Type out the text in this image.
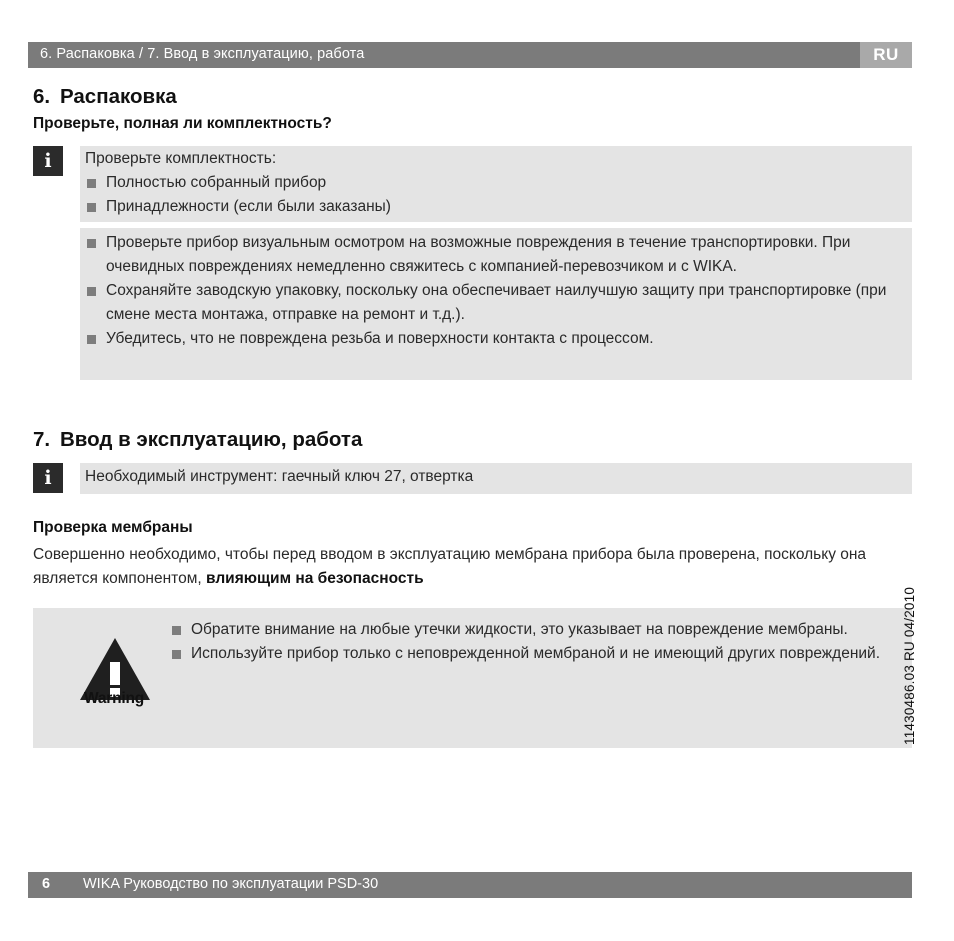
6. Распаковка / 7. Ввод в эксплуатацию, работа	RU
6. Распаковка
Проверьте, полная ли комплектность?
i	Проверьте комплектность:
Полностью собранный прибор
Принадлежности (если были заказаны)
Проверьте прибор визуальным осмотром на возможные повреждения в течение транспортировки. При очевидных повреждениях немедленно свяжитесь с компанией-перевозчиком и с WIKA.
Сохраняйте заводскую упаковку, поскольку она обеспечивает наилучшую защиту при транспортировке (при смене места монтажа, отправке на ремонт и т.д.).
Убедитесь, что не повреждена резьба и поверхности контакта с процессом.
7. Ввод в эксплуатацию, работа
i	Необходимый инструмент: гаечный ключ 27, отвертка
Проверка мембраны
Совершенно необходимо, чтобы перед вводом в эксплуатацию мембрана прибора была проверена, поскольку она является компонентом, влияющим на безопасность
Warning
Обратите внимание на любые утечки жидкости, это указывает на повреждение мембраны.
Используйте прибор только с неповрежденной мембраной и не имеющий других повреждений.
6 WIKA Руководство по эксплуатации PSD-30
11430486.03 RU 04/2010
